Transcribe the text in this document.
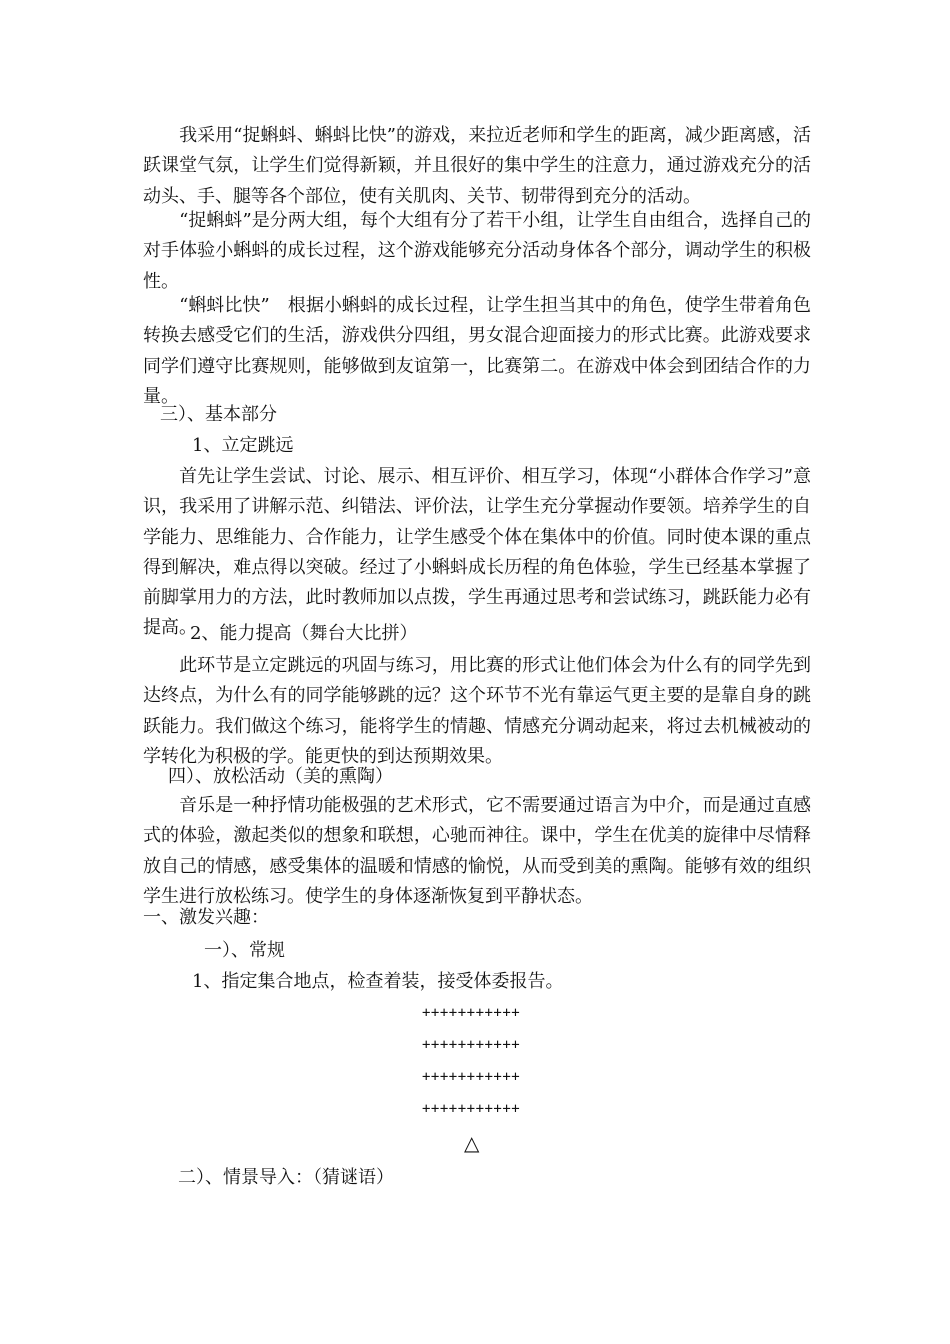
　　我采用“捉蝌蚪、蝌蚪比快”的游戏，来拉近老师和学生的距离，减少距离感，活跃课堂气氛，让学生们觉得新颖，并且很好的集中学生的注意力，通过游戏充分的活动头、手、腿等各个部位，使有关肌肉、关节、韧带得到充分的活动。

　　“捉蝌蚪”是分两大组，每个大组有分了若干小组，让学生自由组合，选择自己的对手体验小蝌蚪的成长过程，这个游戏能够充分活动身体各个部分，调动学生的积极性。

　　“蝌蚪比快”　根据小蝌蚪的成长过程，让学生担当其中的角色，使学生带着角色转换去感受它们的生活，游戏供分四组，男女混合迎面接力的形式比赛。此游戏要求同学们遵守比赛规则，能够做到友谊第一，比赛第二。在游戏中体会到团结合作的力量。

三）、基本部分
1、立定跳远

　　首先让学生尝试、讨论、展示、相互评价、相互学习，体现“小群体合作学习”意识，我采用了讲解示范、纠错法、评价法，让学生充分掌握动作要领。培养学生的自学能力、思维能力、合作能力，让学生感受个体在集体中的价值。同时使本课的重点得到解决，难点得以突破。经过了小蝌蚪成长历程的角色体验，学生已经基本掌握了前脚掌用力的方法，此时教师加以点拨，学生再通过思考和尝试练习，跳跃能力必有提高。

2、能力提高（舞台大比拼）

　　此环节是立定跳远的巩固与练习，用比赛的形式让他们体会为什么有的同学先到达终点，为什么有的同学能够跳的远？这个环节不光有靠运气更主要的是靠自身的跳跃能力。我们做这个练习，能将学生的情趣、情感充分调动起来，将过去机械被动的学转化为积极的学。能更快的到达预期效果。

四）、放松活动（美的熏陶）

　　音乐是一种抒情功能极强的艺术形式，它不需要通过语言为中介，而是通过直感式的体验，激起类似的想象和联想，心驰而神往。课中，学生在优美的旋律中尽情释放自己的情感，感受集体的温暖和情感的愉悦，从而受到美的熏陶。能够有效的组织学生进行放松练习。使学生的身体逐渐恢复到平静状态。

一、激发兴趣：
一）、常规
1、指定集合地点，检查着装，接受体委报告。
+++++++++++
+++++++++++
+++++++++++
+++++++++++
△
二）、情景导入：（猜谜语）
